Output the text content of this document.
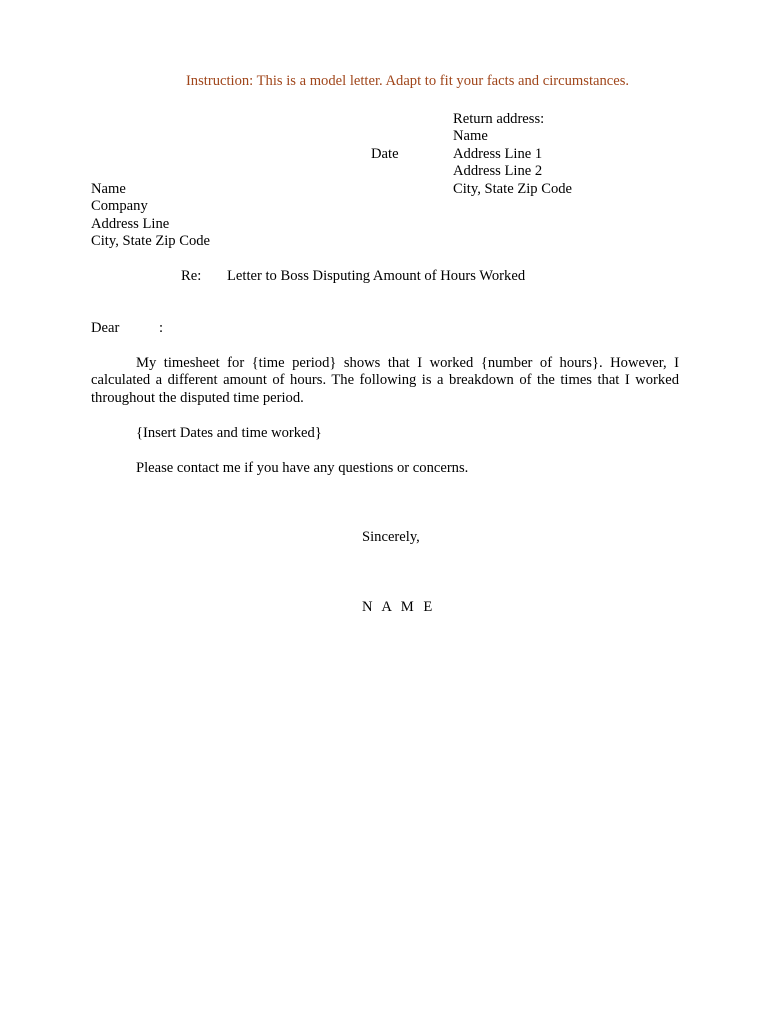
Instruction: This is a model letter. Adapt to fit your facts and circumstances.
Return address:
Name
Address Line 1
Address Line 2
City, State Zip Code
Date
Name
Company
Address Line
City, State Zip Code
Re: Letter to Boss Disputing Amount of Hours Worked
Dear	:
My timesheet for {time period} shows that I worked {number of hours}. However, I calculated a different amount of hours. The following is a breakdown of the times that I worked throughout the disputed time period.
{Insert Dates and time worked}
Please contact me if you have any questions or concerns.
Sincerely,
N A M E
